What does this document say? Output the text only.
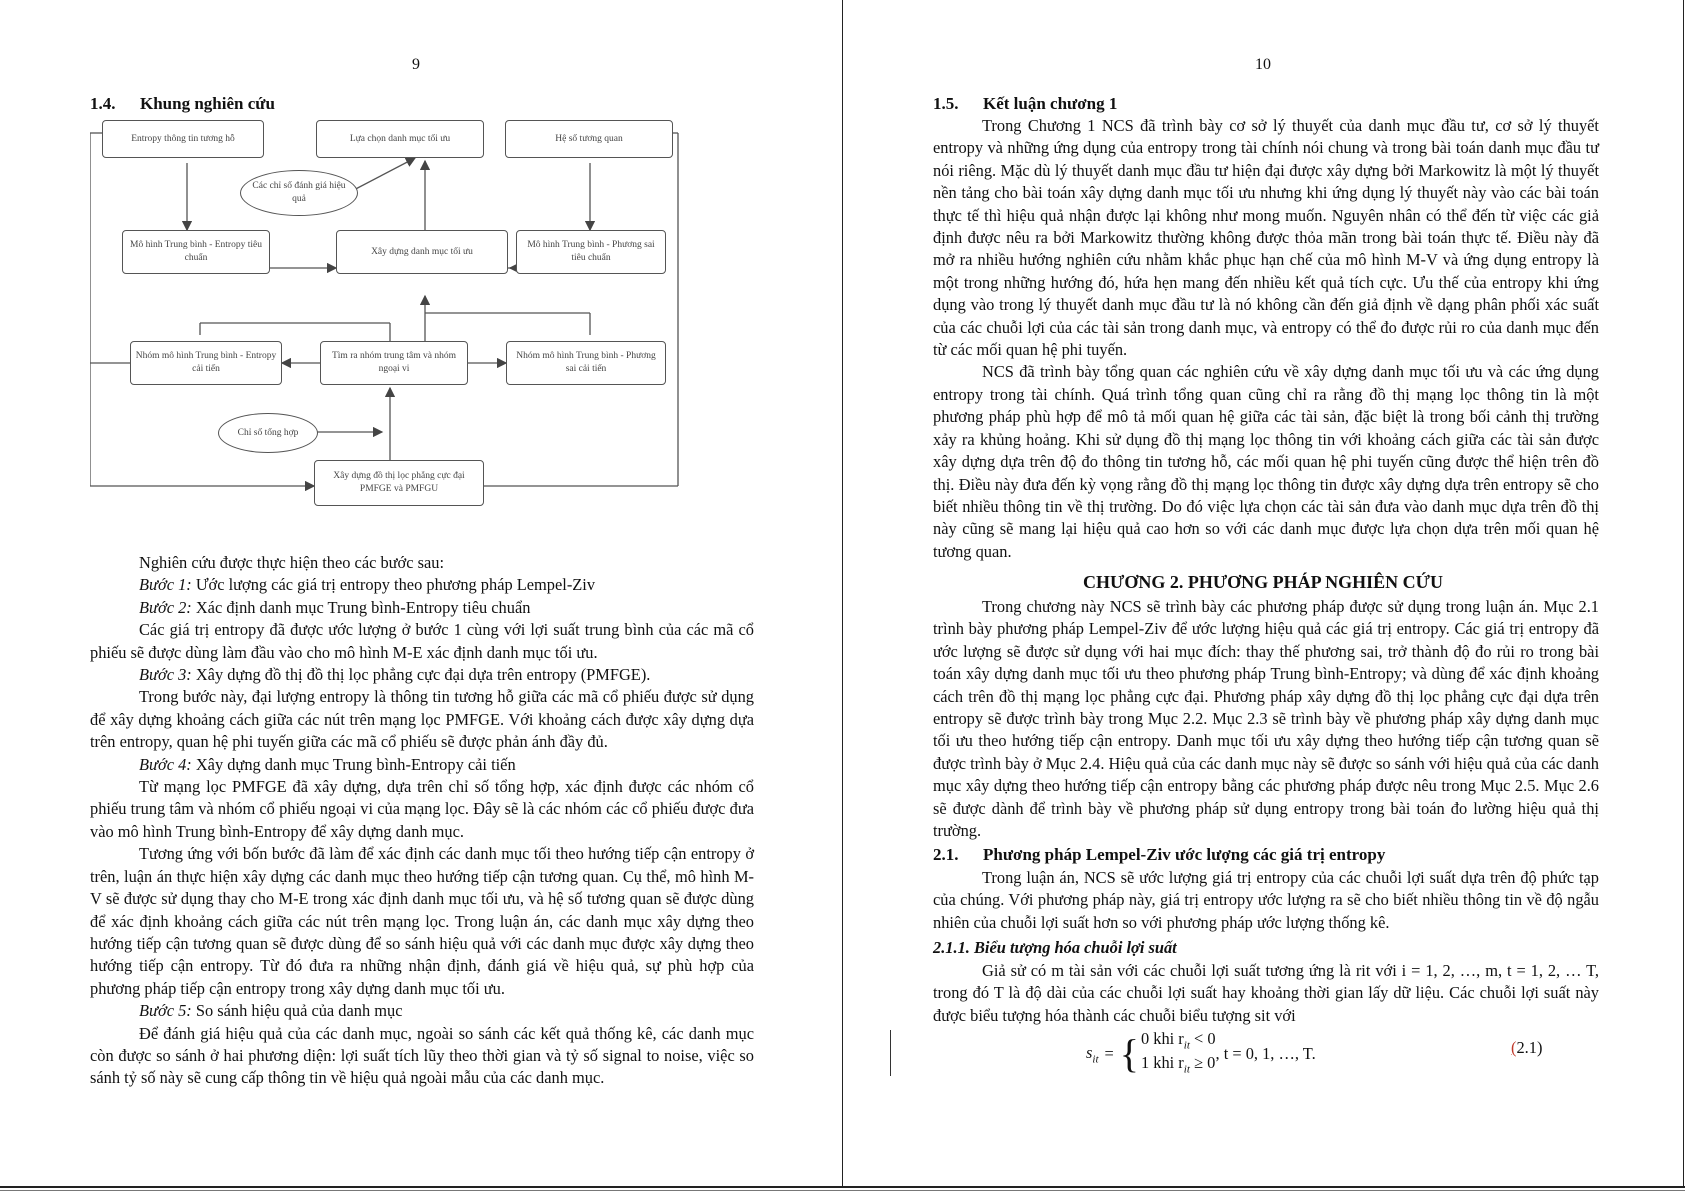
9
1.4. Khung nghiên cứu
Entropy thông tin tương hỗ	Lựa chọn danh mục tối ưu	Hệ số tương quan
Các chỉ số đánh giá hiệu quả
Mô hình Trung bình - Entropy tiêu chuẩn
Xây dựng danh mục tối ưu
Mô hình Trung bình - Phương sai tiêu chuẩn
Nhóm mô hình Trung bình - Entropy cải tiến
Tìm ra nhóm trung tâm và nhóm ngoại vi
Nhóm mô hình Trung bình - Phương sai cải tiến
Chỉ số tổng hợp
Xây dựng đồ thị lọc phẳng cực đại
PMFGE và PMFGU

Nghiên cứu được thực hiện theo các bước sau:

Bước 1: Ước lượng các giá trị entropy theo phương pháp Lempel-Ziv

Bước 2: Xác định danh mục Trung bình-Entropy tiêu chuẩn

Các giá trị entropy đã được ước lượng ở bước 1 cùng với lợi suất trung bình của các mã cổ phiếu sẽ được dùng làm đầu vào cho mô hình M-E xác định danh mục tối ưu.

Bước 3: Xây dựng đồ thị đồ thị lọc phẳng cực đại dựa trên entropy (PMFGE).

Trong bước này, đại lượng entropy là thông tin tương hỗ giữa các mã cổ phiếu được sử dụng để xây dựng khoảng cách giữa các nút trên mạng lọc PMFGE. Với khoảng cách được xây dựng dựa trên entropy, quan hệ phi tuyến giữa các mã cổ phiếu sẽ được phản ánh đầy đủ.

Bước 4: Xây dựng danh mục Trung bình-Entropy cải tiến

Từ mạng lọc PMFGE đã xây dựng, dựa trên chỉ số tổng hợp, xác định được các nhóm cổ phiếu trung tâm và nhóm cổ phiếu ngoại vi của mạng lọc. Đây sẽ là các nhóm các cổ phiếu được đưa vào mô hình Trung bình-Entropy để xây dựng danh mục.

Tương ứng với bốn bước đã làm để xác định các danh mục tối theo hướng tiếp cận entropy ở trên, luận án thực hiện xây dựng các danh mục theo hướng tiếp cận tương quan. Cụ thể, mô hình M-V sẽ được sử dụng thay cho M-E trong xác định danh mục tối ưu, và hệ số tương quan sẽ được dùng để xác định khoảng cách giữa các nút trên mạng lọc. Trong luận án, các danh mục xây dựng theo hướng tiếp cận tương quan sẽ được dùng để so sánh hiệu quả với các danh mục được xây dựng theo hướng tiếp cận entropy. Từ đó đưa ra những nhận định, đánh giá về hiệu quả, sự phù hợp của phương pháp tiếp cận entropy trong xây dựng danh mục tối ưu.

Bước 5: So sánh hiệu quả của danh mục

Để đánh giá hiệu quả của các danh mục, ngoài so sánh các kết quả thống kê, các danh mục còn được so sánh ở hai phương diện: lợi suất tích lũy theo thời gian và tỷ số signal to noise, việc so sánh tỷ số này sẽ cung cấp thông tin về hiệu quả ngoài mẫu của các danh mục.

10
1.5. Kết luận chương 1

Trong Chương 1 NCS đã trình bày cơ sở lý thuyết của danh mục đầu tư, cơ sở lý thuyết entropy và những ứng dụng của entropy trong tài chính nói chung và trong bài toán danh mục đầu tư nói riêng. Mặc dù lý thuyết danh mục đầu tư hiện đại được xây dựng bởi Markowitz là một lý thuyết nền tảng cho bài toán xây dựng danh mục tối ưu nhưng khi ứng dụng lý thuyết này vào các bài toán thực tế thì hiệu quả nhận được lại không như mong muốn. Nguyên nhân có thể đến từ việc các giả định được nêu ra bởi Markowitz thường không được thỏa mãn trong bài toán thực tế. Điều này đã mở ra nhiều hướng nghiên cứu nhằm khắc phục hạn chế của mô hình M-V và ứng dụng entropy là một trong những hướng đó, hứa hẹn mang đến nhiều kết quả tích cực. Ưu thế của entropy khi ứng dụng vào trong lý thuyết danh mục đầu tư là nó không cần đến giả định về dạng phân phối xác suất của các chuỗi lợi của các tài sản trong danh mục, và entropy có thể đo được rủi ro của danh mục đến từ các mối quan hệ phi tuyến.

NCS đã trình bày tổng quan các nghiên cứu về xây dựng danh mục tối ưu và các ứng dụng entropy trong tài chính. Quá trình tổng quan cũng chỉ ra rằng đồ thị mạng lọc thông tin là một phương pháp phù hợp để mô tả mối quan hệ giữa các tài sản, đặc biệt là trong bối cảnh thị trường xảy ra khủng hoảng. Khi sử dụng đồ thị mạng lọc thông tin với khoảng cách giữa các tài sản được xây dựng dựa trên độ đo thông tin tương hỗ, các mối quan hệ phi tuyến cũng được thể hiện trên đồ thị. Điều này đưa đến kỳ vọng rằng đồ thị mạng lọc thông tin được xây dựng dựa trên entropy sẽ cho biết nhiều thông tin về thị trường. Do đó việc lựa chọn các tài sản đưa vào danh mục dựa trên đồ thị này cũng sẽ mang lại hiệu quả cao hơn so với các danh mục được lựa chọn dựa trên mối quan hệ tương quan.

CHƯƠNG 2. PHƯƠNG PHÁP NGHIÊN CỨU

Trong chương này NCS sẽ trình bày các phương pháp được sử dụng trong luận án. Mục 2.1 trình bày phương pháp Lempel-Ziv để ước lượng hiệu quả các giá trị entropy. Các giá trị entropy đã ước lượng sẽ được sử dụng với hai mục đích: thay thế phương sai, trở thành độ đo rủi ro trong bài toán xây dựng danh mục tối ưu theo phương pháp Trung bình-Entropy; và dùng để xác định khoảng cách trên đồ thị mạng lọc phẳng cực đại. Phương pháp xây dựng đồ thị lọc phẳng cực đại dựa trên entropy sẽ được trình bày trong Mục 2.2. Mục 2.3 sẽ trình bày về phương pháp xây dựng danh mục tối ưu theo hướng tiếp cận entropy. Danh mục tối ưu xây dựng theo hướng tiếp cận tương quan sẽ được trình bày ở Mục 2.4. Hiệu quả của các danh mục này sẽ được so sánh với hiệu quả của các danh mục xây dựng theo hướng tiếp cận entropy bằng các phương pháp được nêu trong Mục 2.5. Mục 2.6 sẽ được dành để trình bày về phương pháp sử dụng entropy trong bài toán đo lường hiệu quả thị trường.

2.1. Phương pháp Lempel-Ziv ước lượng các giá trị entropy

Trong luận án, NCS sẽ ước lượng giá trị entropy của các chuỗi lợi suất dựa trên độ phức tạp của chúng. Với phương pháp này, giá trị entropy ước lượng ra sẽ cho biết nhiều thông tin về độ ngẫu nhiên của chuỗi lợi suất hơn so với phương pháp ước lượng thống kê.

2.1.1. Biểu tượng hóa chuỗi lợi suất

Giả sử có m tài sản với các chuỗi lợi suất tương ứng là rit với i = 1, 2, …, m, t = 1, 2, … T, trong đó T là độ dài của các chuỗi lợi suất hay khoảng thời gian lấy dữ liệu. Các chuỗi lợi suất này được biểu tượng hóa thành các chuỗi biểu tượng sit với

$s_{it}$ = { 0 khi $r_{it} < 0$
1 khi $r_{it} \ge 0$ , t = 0, 1, …, T.	(2.1)
